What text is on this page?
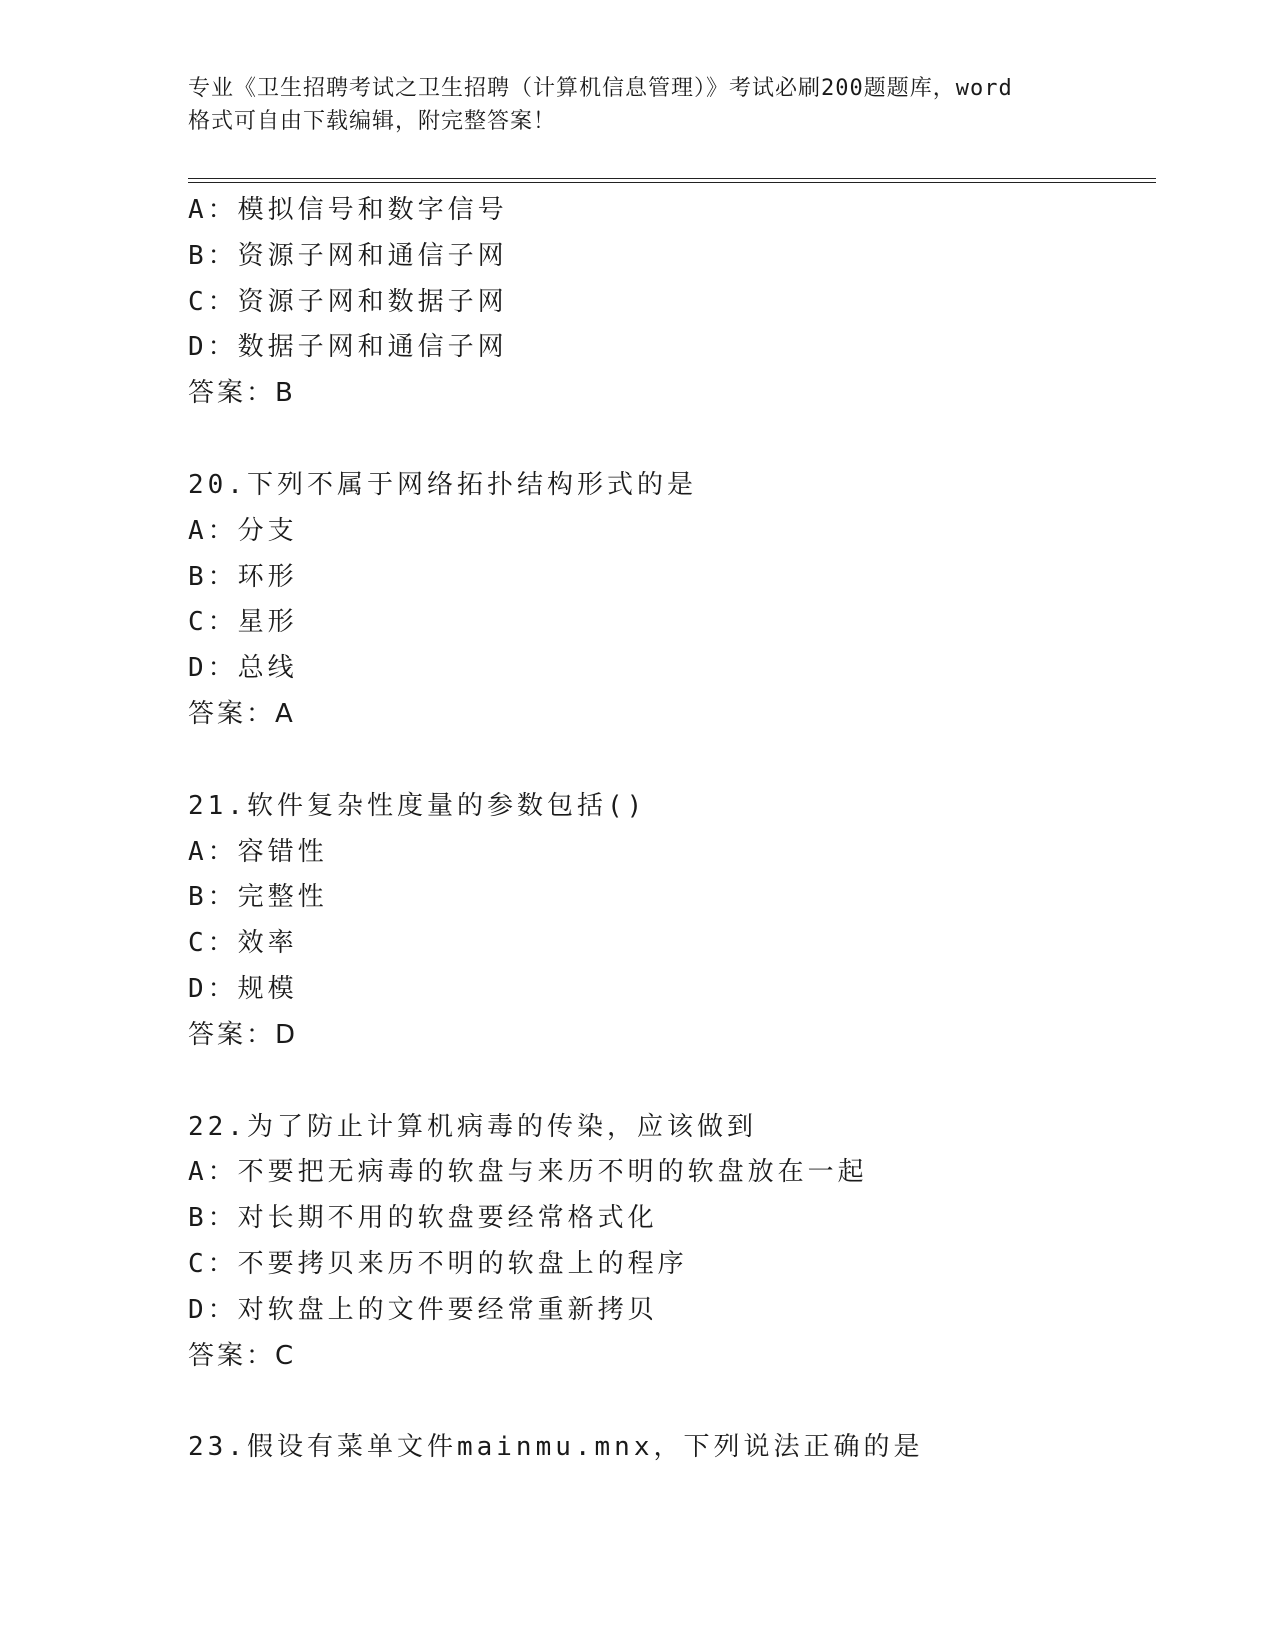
专业《卫生招聘考试之卫生招聘（计算机信息管理）》考试必刷200题题库，word
格式可自由下载编辑，附完整答案！
A：模拟信号和数字信号
B：资源子网和通信子网
C：资源子网和数据子网
D：数据子网和通信子网
答案：B
20.下列不属于网络拓扑结构形式的是
A：分支
B：环形
C：星形
D：总线
答案：A
21.软件复杂性度量的参数包括()
A：容错性
B：完整性
C：效率
D：规模
答案：D
22.为了防止计算机病毒的传染，应该做到
A：不要把无病毒的软盘与来历不明的软盘放在一起
B：对长期不用的软盘要经常格式化
C：不要拷贝来历不明的软盘上的程序
D：对软盘上的文件要经常重新拷贝
答案：C
23.假设有菜单文件mainmu.mnx，下列说法正确的是
